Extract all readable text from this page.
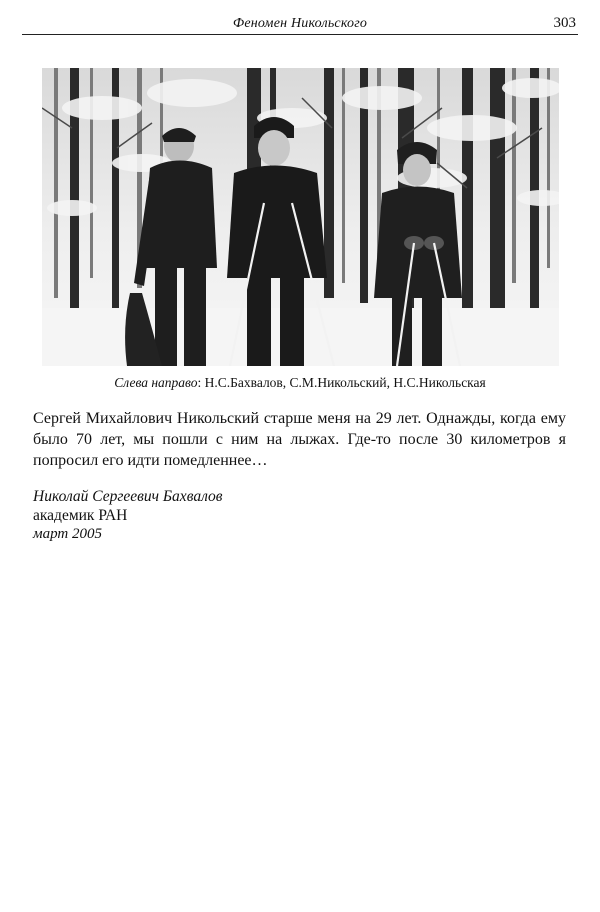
Феномен Никольского	303
Слева направо: Н.С.Бахвалов, С.М.Никольский, Н.С.Никольская

Сергей Михайлович Никольский старше меня на 29 лет. Однажды, когда ему было 70 лет, мы пошли с ним на лыжах. Где-то после 30 километров я попросил его идти помедленнее…

Николай Сергеевич Бахвалов
академик РАН
март 2005
